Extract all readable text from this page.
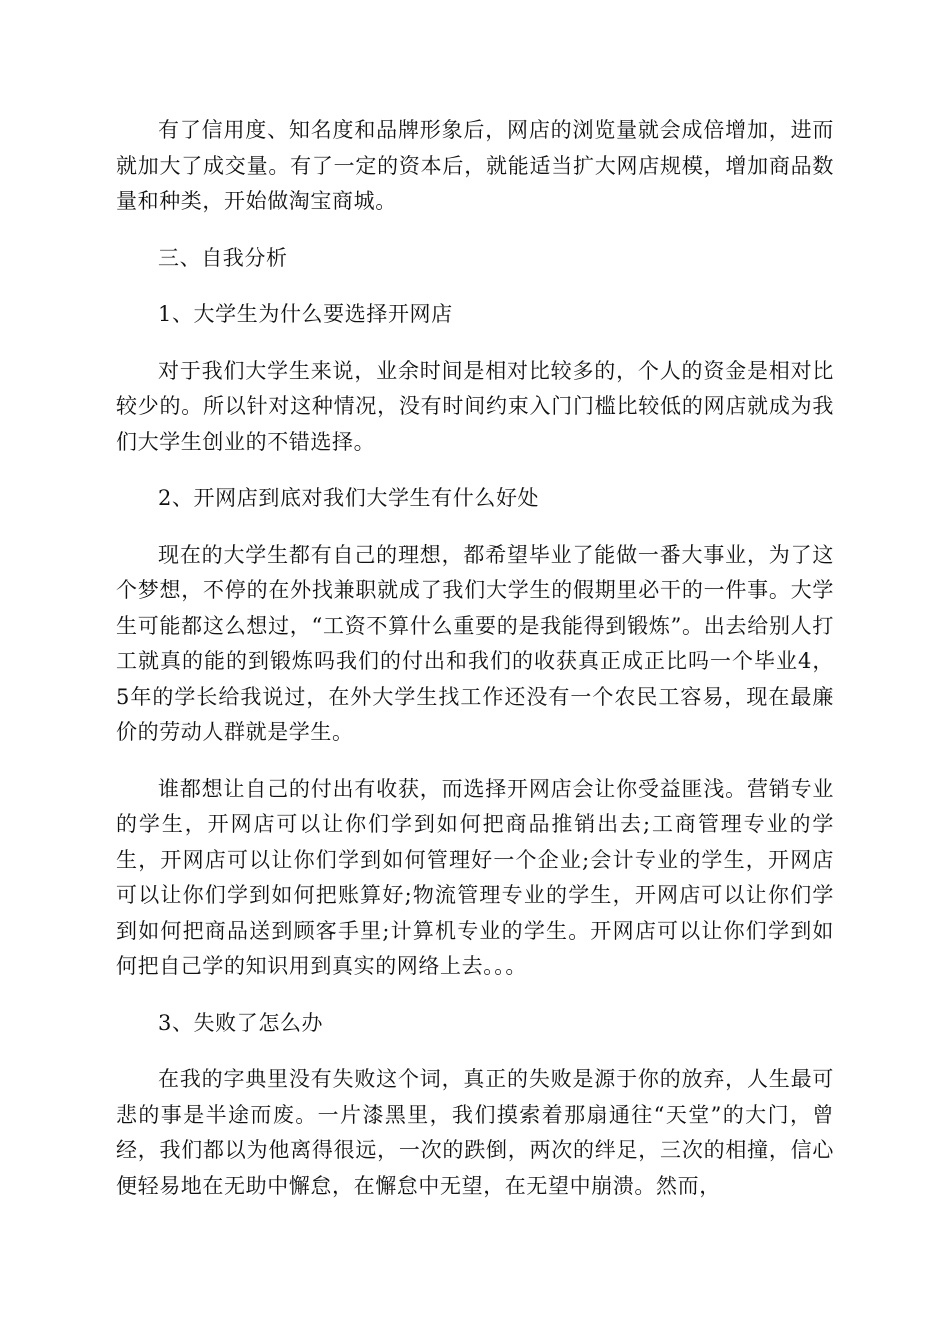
有了信用度、知名度和品牌形象后，网店的浏览量就会成倍增加，进而就加大了成交量。有了一定的资本后，就能适当扩大网店规模，增加商品数量和种类，开始做淘宝商城。

三、自我分析

1、大学生为什么要选择开网店

对于我们大学生来说，业余时间是相对比较多的，个人的资金是相对比较少的。所以针对这种情况，没有时间约束入门门槛比较低的网店就成为我们大学生创业的不错选择。

2、开网店到底对我们大学生有什么好处

现在的大学生都有自己的理想，都希望毕业了能做一番大事业，为了这个梦想，不停的在外找兼职就成了我们大学生的假期里必干的一件事。大学生可能都这么想过，“工资不算什么重要的是我能得到锻炼”。出去给别人打工就真的能的到锻炼吗我们的付出和我们的收获真正成正比吗一个毕业4，5年的学长给我说过，在外大学生找工作还没有一个农民工容易，现在最廉价的劳动人群就是学生。

谁都想让自己的付出有收获，而选择开网店会让你受益匪浅。营销专业的学生，开网店可以让你们学到如何把商品推销出去;工商管理专业的学生，开网店可以让你们学到如何管理好一个企业;会计专业的学生，开网店可以让你们学到如何把账算好;物流管理专业的学生，开网店可以让你们学到如何把商品送到顾客手里;计算机专业的学生。开网店可以让你们学到如何把自己学的知识用到真实的网络上去。。。

3、失败了怎么办

在我的字典里没有失败这个词，真正的失败是源于你的放弃，人生最可悲的事是半途而废。一片漆黑里，我们摸索着那扇通往“天堂”的大门，曾经，我们都以为他离得很远，一次的跌倒，两次的绊足，三次的相撞，信心便轻易地在无助中懈怠，在懈怠中无望，在无望中崩溃。然而，
